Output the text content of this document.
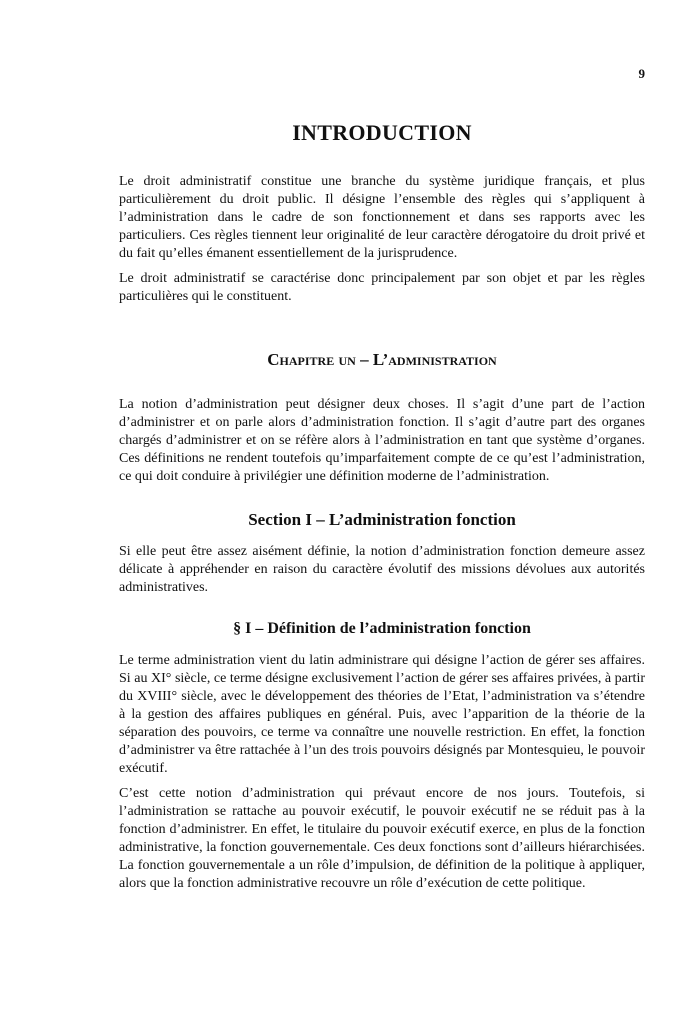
9
INTRODUCTION

Le droit administratif constitue une branche du système juridique français, et plus particulièrement du droit public. Il désigne l’ensemble des règles qui s’appliquent à l’administration dans le cadre de son fonctionnement et dans ses rapports avec les particuliers. Ces règles tiennent leur originalité de leur caractère dérogatoire du droit privé et du fait qu’elles émanent essentiellement de la jurisprudence.

Le droit administratif se caractérise donc principalement par son objet et par les règles particulières qui le constituent.

Chapitre un – L’administration

La notion d’administration peut désigner deux choses. Il s’agit d’une part de l’action d’administrer et on parle alors d’administration fonction. Il s’agit d’autre part des organes chargés d’administrer et on se réfère alors à l’administration en tant que système d’organes. Ces définitions ne rendent toutefois qu’imparfaitement compte de ce qu’est l’administration, ce qui doit conduire à privilégier une définition moderne de l’administration.

Section I – L’administration fonction

Si elle peut être assez aisément définie, la notion d’administration fonction demeure assez délicate à appréhender en raison du caractère évolutif des missions dévolues aux autorités administratives.

§ I – Définition de l’administration fonction

Le terme administration vient du latin administrare qui désigne l’action de gérer ses affaires. Si au XI° siècle, ce terme désigne exclusivement l’action de gérer ses affaires privées, à partir du XVIII° siècle, avec le développement des théories de l’Etat, l’administration va s’étendre à la gestion des affaires publiques en général. Puis, avec l’apparition de la théorie de la séparation des pouvoirs, ce terme va connaître une nouvelle restriction. En effet, la fonction d’administrer va être rattachée à l’un des trois pouvoirs désignés par Montesquieu, le pouvoir exécutif.

C’est cette notion d’administration qui prévaut encore de nos jours. Toutefois, si l’administration se rattache au pouvoir exécutif, le pouvoir exécutif ne se réduit pas à la fonction d’administrer. En effet, le titulaire du pouvoir exécutif exerce, en plus de la fonction administrative, la fonction gouvernementale. Ces deux fonctions sont d’ailleurs hiérarchisées. La fonction gouvernementale a un rôle d’impulsion, de définition de la politique à appliquer, alors que la fonction administrative recouvre un rôle d’exécution de cette politique.
